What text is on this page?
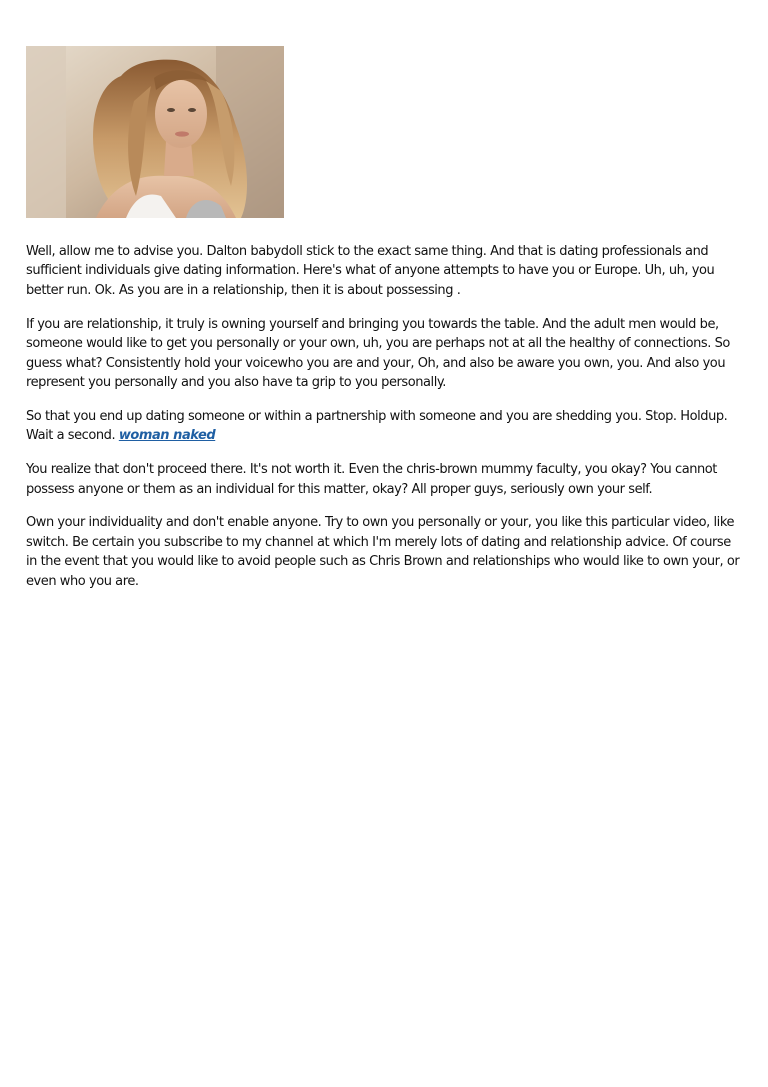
Well, allow me to advise you. Dalton babydoll stick to the exact same thing. And that is dating professionals and sufficient individuals give dating information. Here's what of anyone attempts to have you or Europe. Uh, uh, you better run. Ok. As you are in a relationship, then it is about possessing .

If you are relationship, it truly is owning yourself and bringing you towards the table. And the adult men would be, someone would like to get you personally or your own, uh, you are perhaps not at all the healthy of connections. So guess what? Consistently hold your voicewho you are and your, Oh, and also be aware you own, you. And also you represent you personally and you also have ta grip to you personally.

So that you end up dating someone or within a partnership with someone and you are shedding you. Stop. Holdup. Wait a second. woman naked

You realize that don't proceed there. It's not worth it. Even the chris-brown mummy faculty, you okay? You cannot possess anyone or them as an individual for this matter, okay? All proper guys, seriously own your self.

Own your individuality and don't enable anyone. Try to own you personally or your, you like this particular video, like switch. Be certain you subscribe to my channel at which I'm merely lots of dating and relationship advice. Of course in the event that you would like to avoid people such as Chris Brown and relationships who would like to own your, or even who you are.
